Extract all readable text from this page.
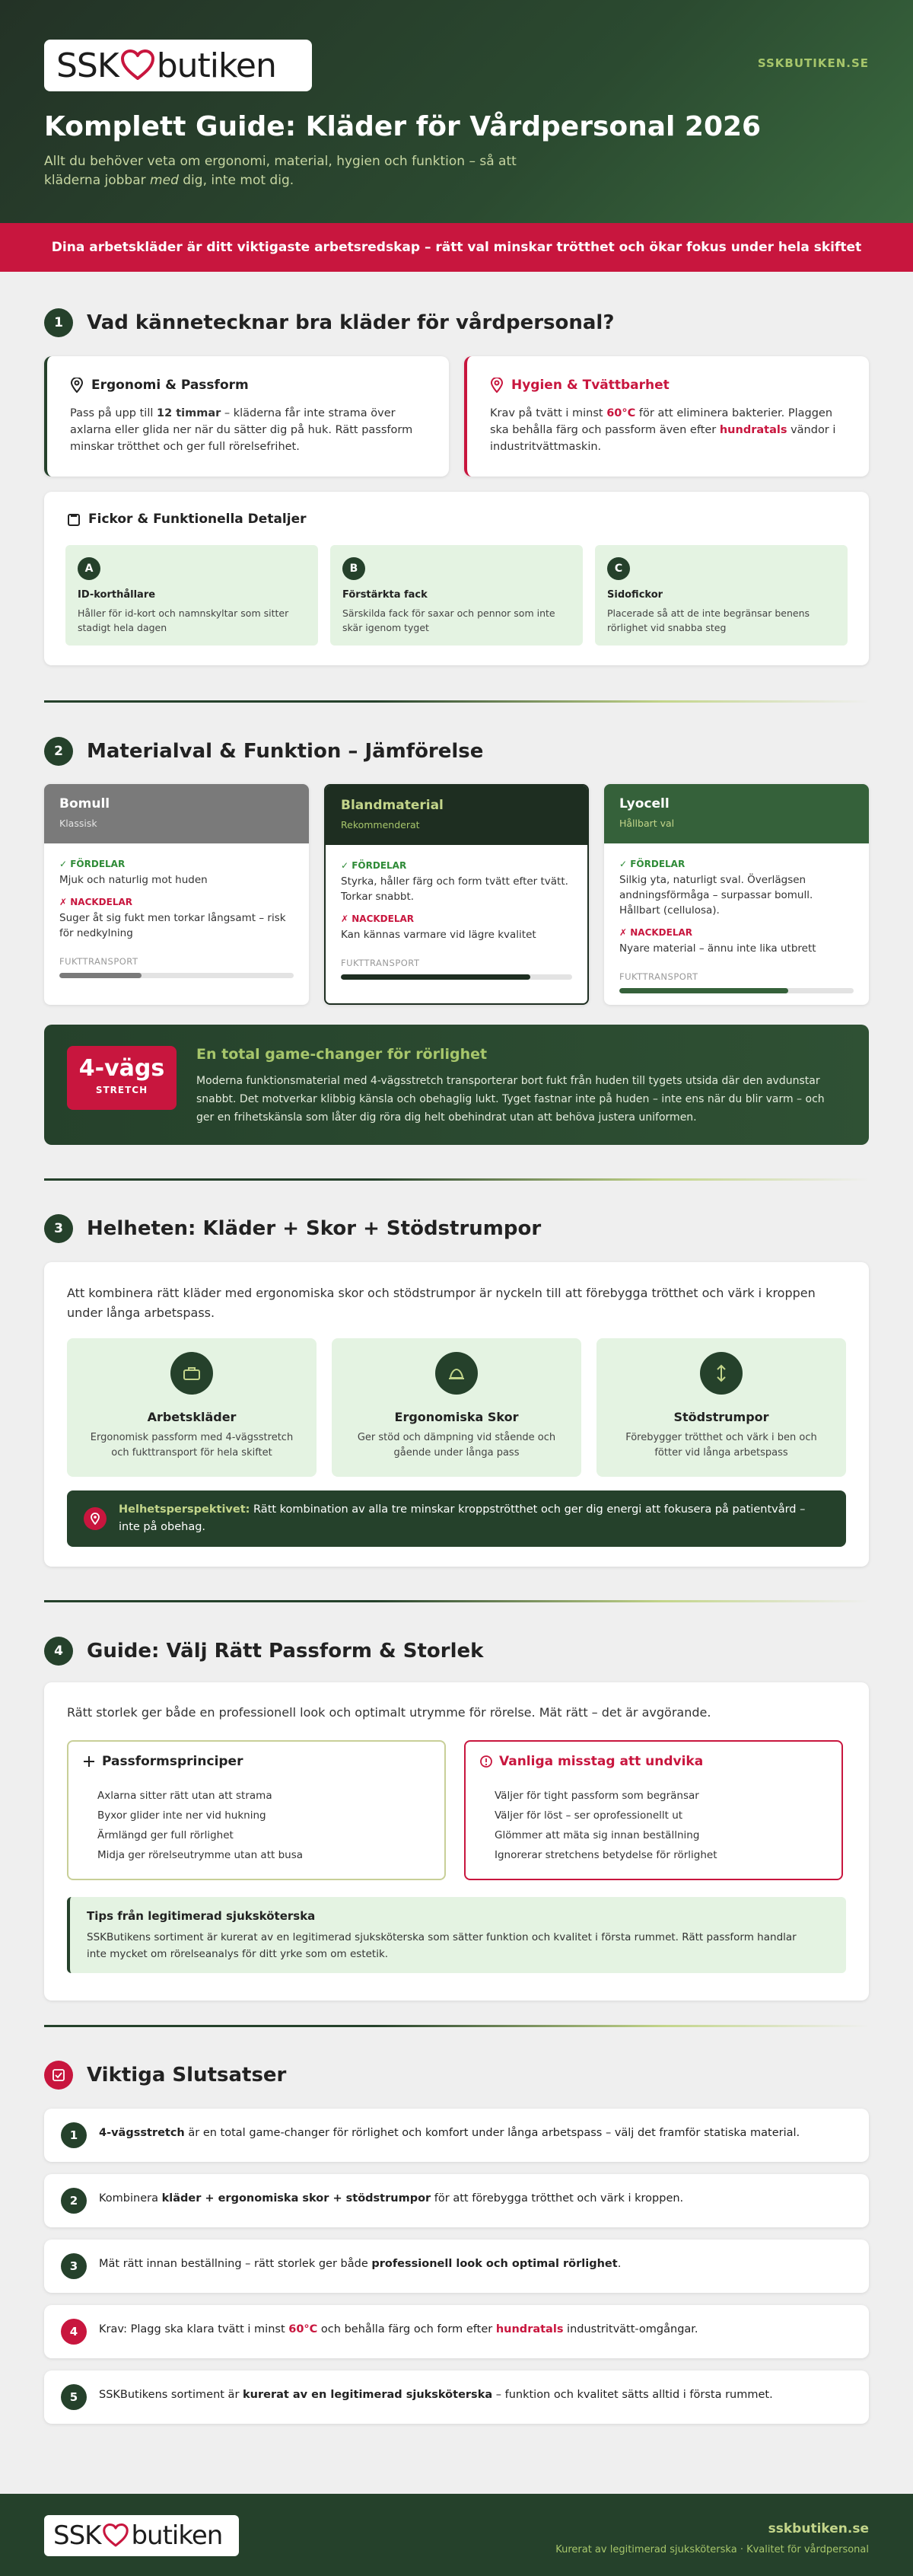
SSK butiken	SSKBUTIKEN.SE
Komplett Guide: Kläder för Vårdpersonal 2026

Allt du behöver veta om ergonomi, material, hygien och funktion – så att kläderna jobbar med dig, inte mot dig.

Dina arbetskläder är ditt viktigaste arbetsredskap – rätt val minskar trötthet och ökar fokus under hela skiftet
1	Vad kännetecknar bra kläder för vårdpersonal?
Ergonomi & Passform

Pass på upp till 12 timmar – kläderna får inte strama över axlarna eller glida ner när du sätter dig på huk. Rätt passform minskar trötthet och ger full rörelsefrihet.

Hygien & Tvättbarhet

Krav på tvätt i minst 60°C för att eliminera bakterier. Plaggen ska behålla färg och passform även efter hundratals vändor i industritvättmaskin.

Fickor & Funktionella Detaljer
A
ID-korthållare
Håller för id-kort och namnskyltar som sitter stadigt hela dagen
B
Förstärkta fack
Särskilda fack för saxar och pennor som inte skär igenom tyget
C
Sidofickor
Placerade så att de inte begränsar benens rörlighet vid snabba steg
2	Materialval & Funktion – Jämförelse
Bomull
Klassisk
✓ FÖRDELAR
Mjuk och naturlig mot huden
✗ NACKDELAR
Suger åt sig fukt men torkar långsamt – risk för nedkylning
FUKTTRANSPORT
Blandmaterial
Rekommenderat
✓ FÖRDELAR
Styrka, håller färg och form tvätt efter tvätt. Torkar snabbt.
✗ NACKDELAR
Kan kännas varmare vid lägre kvalitet
FUKTTRANSPORT
Lyocell
Hållbart val
✓ FÖRDELAR
Silkig yta, naturligt sval. Överlägsen andningsförmåga – surpassar bomull. Hållbart (cellulosa).
✗ NACKDELAR
Nyare material – ännu inte lika utbrett
FUKTTRANSPORT
4-vägs
STRETCH
En total game-changer för rörlighet
Moderna funktionsmaterial med 4-vägsstretch transporterar bort fukt från huden till tygets utsida där den avdunstar snabbt. Det motverkar klibbig känsla och obehaglig lukt. Tyget fastnar inte på huden – inte ens när du blir varm – och ger en frihetskänsla som låter dig röra dig helt obehindrat utan att behöva justera uniformen.
3	Helheten: Kläder + Skor + Stödstrumpor

Att kombinera rätt kläder med ergonomiska skor och stödstrumpor är nyckeln till att förebygga trötthet och värk i kroppen under långa arbetspass.

Arbetskläder
Ergonomisk passform med 4-vägsstretch och fukttransport för hela skiftet
Ergonomiska Skor
Ger stöd och dämpning vid stående och gående under långa pass
Stödstrumpor
Förebygger trötthet och värk i ben och fötter vid långa arbetspass

Helhetsperspektivet: Rätt kombination av alla tre minskar kroppströtthet och ger dig energi att fokusera på patientvård – inte på obehag.

4	Guide: Välj Rätt Passform & Storlek

Rätt storlek ger både en professionell look och optimalt utrymme för rörelse. Mät rätt – det är avgörande.

Passformsprinciper
Axlarna sitter rätt utan att strama
Byxor glider inte ner vid hukning
Ärmlängd ger full rörlighet
Midja ger rörelseutrymme utan att busa
Vanliga misstag att undvika
Väljer för tight passform som begränsar
Väljer för löst – ser oprofessionellt ut
Glömmer att mäta sig innan beställning
Ignorerar stretchens betydelse för rörlighet
Tips från legitimerad sjuksköterska
SSKButikens sortiment är kurerat av en legitimerad sjuksköterska som sätter funktion och kvalitet i första rummet. Rätt passform handlar inte mycket om rörelseanalys för ditt yrke som om estetik.
Viktiga Slutsatser
1	4-vägsstretch är en total game-changer för rörlighet och komfort under långa arbetspass – välj det framför statiska material.

2	Kombinera kläder + ergonomiska skor + stödstrumpor för att förebygga trötthet och värk i kroppen.

3	Mät rätt innan beställning – rätt storlek ger både professionell look och optimal rörlighet.

4	Krav: Plagg ska klara tvätt i minst 60°C och behålla färg och form efter hundratals industritvätt-omgångar.

5	SSKButikens sortiment är kurerat av en legitimerad sjuksköterska – funktion och kvalitet sätts alltid i första rummet.

SSK butiken	sskbutiken.se
Kurerat av legitimerad sjuksköterska · Kvalitet för vårdpersonal
